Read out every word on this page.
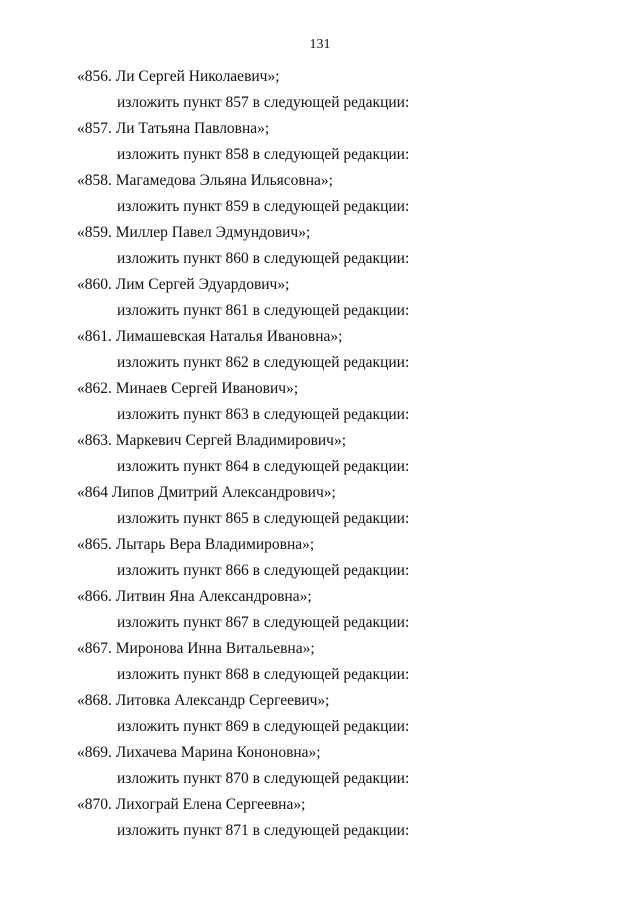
131
«856. Ли Сергей Николаевич»;
изложить пункт 857 в следующей редакции:
«857. Ли Татьяна Павловна»;
изложить пункт 858 в следующей редакции:
«858. Магамедова Эльяна Ильясовна»;
изложить пункт 859 в следующей редакции:
«859. Миллер Павел Эдмундович»;
изложить пункт 860 в следующей редакции:
«860. Лим Сергей Эдуардович»;
изложить пункт 861 в следующей редакции:
«861. Лимашевская Наталья Ивановна»;
изложить пункт 862 в следующей редакции:
«862. Минаев Сергей Иванович»;
изложить пункт 863 в следующей редакции:
«863. Маркевич Сергей Владимирович»;
изложить пункт 864 в следующей редакции:
«864 Липов Дмитрий Александрович»;
изложить пункт 865 в следующей редакции:
«865. Лытарь Вера Владимировна»;
изложить пункт 866 в следующей редакции:
«866. Литвин Яна Александровна»;
изложить пункт 867 в следующей редакции:
«867. Миронова Инна Витальевна»;
изложить пункт 868 в следующей редакции:
«868. Литовка Александр Сергеевич»;
изложить пункт 869 в следующей редакции:
«869. Лихачева Марина Кононовна»;
изложить пункт 870 в следующей редакции:
«870. Лихограй Елена Сергеевна»;
изложить пункт 871 в следующей редакции:
